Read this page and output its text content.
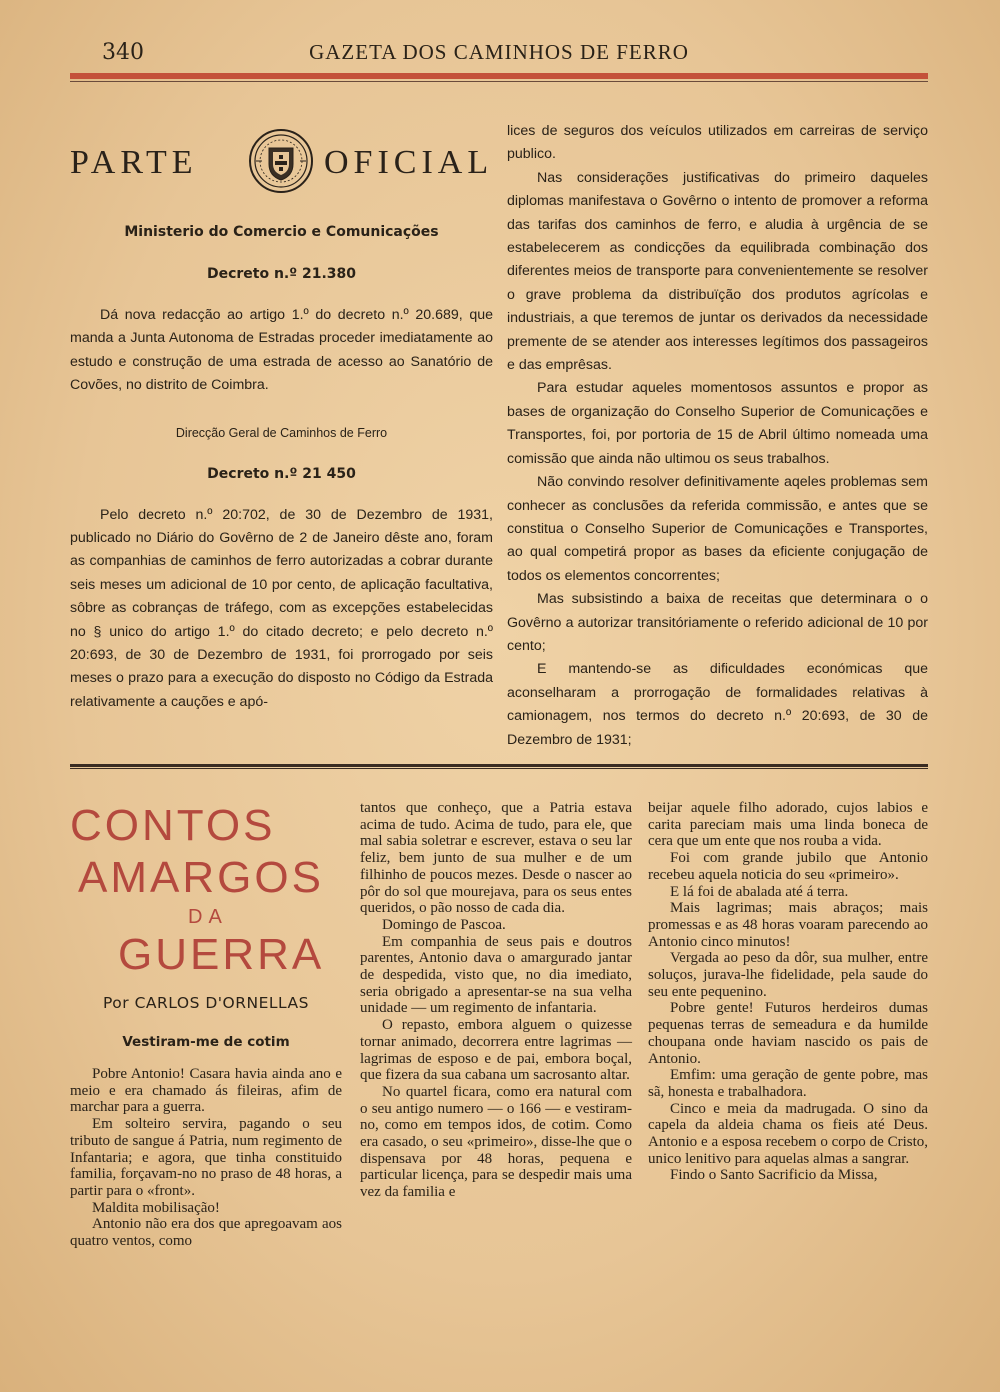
340	GAZETA DOS CAMINHOS DE FERRO
PARTE	OFICIAL
Ministerio do Comercio e Comunicações
Decreto n.º 21.380

Dá nova redacção ao artigo 1.º do decreto n.º 20.689, que manda a Junta Autonoma de Estradas proceder imediatamente ao estudo e construção de uma estrada de acesso ao Sanatório de Covões, no distrito de Coimbra.

Direcção Geral de Caminhos de Ferro
Decreto n.º 21 450

Pelo decreto n.º 20:702, de 30 de Dezembro de 1931, publicado no Diário do Govêrno de 2 de Janeiro dêste ano, foram as companhias de caminhos de ferro autorizadas a cobrar durante seis meses um adicional de 10 por cento, de aplicação facultativa, sôbre as cobranças de tráfego, com as excepções estabelecidas no § unico do artigo 1.º do citado decreto; e pelo decreto n.º 20:693, de 30 de Dezembro de 1931, foi prorrogado por seis meses o prazo para a execução do disposto no Código da Estrada relativamente a cauções e apó-

lices de seguros dos veículos utilizados em carreiras de serviço publico.

Nas considerações justificativas do primeiro daqueles diplomas manifestava o Govêrno o intento de promover a reforma das tarifas dos caminhos de ferro, e aludia à urgência de se estabelecerem as condicções da equilibrada combinação dos diferentes meios de transporte para convenientemente se resolver o grave problema da distribuïção dos produtos agrícolas e industriais, a que teremos de juntar os derivados da necessidade premente de se atender aos interesses legítimos dos passageiros e das emprêsas.

Para estudar aqueles momentosos assuntos e propor as bases de organização do Conselho Superior de Comunicações e Transportes, foi, por portoria de 15 de Abril último nomeada uma comissão que ainda não ultimou os seus trabalhos.

Não convindo resolver definitivamente aqeles problemas sem conhecer as conclusões da referida commissão, e antes que se constitua o Conselho Superior de Comunicações e Transportes, ao qual competirá propor as bases da eficiente conjugação de todos os elementos concorrentes;

Mas subsistindo a baixa de receitas que determinara o o Govêrno a autorizar transitóriamente o referido adicional de 10 por cento;

E mantendo-se as dificuldades económicas que aconselharam a prorrogação de formalidades relativas à camionagem, nos termos do decreto n.º 20:693, de 30 de Dezembro de 1931;

CONTOS
AMARGOS
DA
GUERRA
Por CARLOS D'ORNELLAS
Vestiram-me de cotim

Pobre Antonio! Casara havia ainda ano e meio e era chamado ás fileiras, afim de marchar para a guerra.

Em solteiro servira, pagando o seu tributo de sangue á Patria, num regimento de Infantaria; e agora, que tinha constituido familia, forçavam-no no praso de 48 horas, a partir para o «front».

Maldita mobilisação!

Antonio não era dos que apregoavam aos quatro ventos, como

tantos que conheço, que a Patria estava acima de tudo. Acima de tudo, para ele, que mal sabia soletrar e escrever, estava o seu lar feliz, bem junto de sua mulher e de um filhinho de poucos mezes. Desde o nascer ao pôr do sol que mourejava, para os seus entes queridos, o pão nosso de cada dia.

Domingo de Pascoa.

Em companhia de seus pais e doutros parentes, Antonio dava o amargurado jantar de despedida, visto que, no dia imediato, seria obrigado a apresentar-se na sua velha unidade — um regimento de infantaria.

O repasto, embora alguem o quizesse tornar animado, decorrera entre lagrimas — lagrimas de esposo e de pai, embora boçal, que fizera da sua cabana um sacrosanto altar.

No quartel ficara, como era natural com o seu antigo numero — o 166 — e vestiram-no, como em tempos idos, de cotim. Como era casado, o seu «primeiro», disse-lhe que o dispensava por 48 horas, pequena e particular licença, para se despedir mais uma vez da familia e

beijar aquele filho adorado, cujos labios e carita pareciam mais uma linda boneca de cera que um ente que nos rouba a vida.

Foi com grande jubilo que Antonio recebeu aquela noticia do seu «primeiro».

E lá foi de abalada até á terra.

Mais lagrimas; mais abraços; mais promessas e as 48 horas voaram parecendo ao Antonio cinco minutos!

Vergada ao peso da dôr, sua mulher, entre soluços, jurava-lhe fidelidade, pela saude do seu ente pequenino.

Pobre gente! Futuros herdeiros dumas pequenas terras de semeadura e da humilde choupana onde haviam nascido os pais de Antonio.

Emfim: uma geração de gente pobre, mas sã, honesta e trabalhadora.

Cinco e meia da madrugada. O sino da capela da aldeia chama os fieis até Deus. Antonio e a esposa recebem o corpo de Cristo, unico lenitivo para aquelas almas a sangrar.

Findo o Santo Sacrificio da Missa,
